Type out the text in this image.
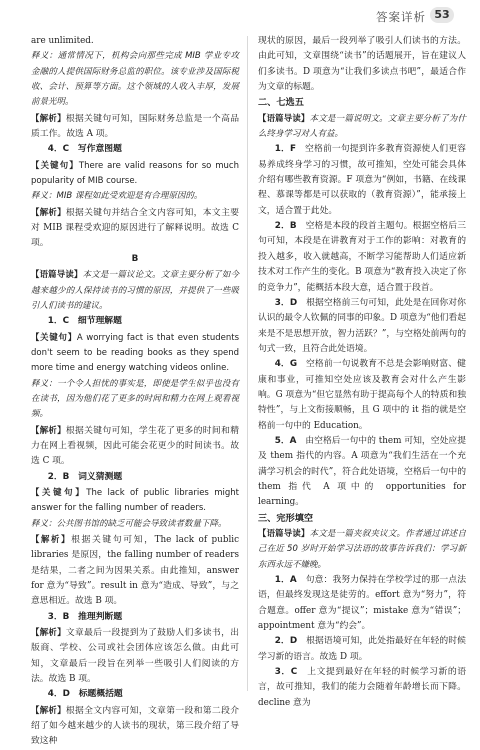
答案详析 53

are unlimited.

释义：通常情况下，机构会向那些完成 MIB 学业专攻金融的人提供国际财务总监的职位。该专业涉及国际税收、会计、预算等方面。这个领域的人收入丰厚，发展前景光明。

【解析】根据关键句可知，国际财务总监是一个高品质工作。故选 A 项。

4．C　写作意图题

【关键句】There are valid reasons for so much popularity of MIB course.

释义：MIB 课程如此受欢迎是有合理原因的。

【解析】根据关键句并结合全文内容可知，本文主要对 MIB 课程受欢迎的原因进行了解释说明。故选 C 项。

B

【语篇导读】本文是一篇议论文。文章主要分析了如今越来越少的人保持读书的习惯的原因，并提供了一些吸引人们读书的建议。

1．C　细节理解题

【关键句】A worrying fact is that even students don't seem to be reading books as they spend more time and energy watching videos online.

释义：一个令人担忧的事实是，即使是学生似乎也没有在读书，因为他们花了更多的时间和精力在网上观看视频。

【解析】根据关键句可知，学生花了更多的时间和精力在网上看视频，因此可能会花更少的时间读书。故选 C 项。

2．B　词义猜测题

【关键句】The lack of public libraries might answer for the falling number of readers.

释义：公共图书馆的缺乏可能会导致读者数量下降。

【解析】根据关键句可知，The lack of public libraries 是原因，the falling number of readers 是结果，二者之间为因果关系。由此推知，answer for 意为“导致”。result in 意为“造成、导致”，与之意思相近。故选 B 项。

3．B　推理判断题

【解析】文章最后一段提到为了鼓励人们多读书，出版商、学校、公司或社会团体应该怎么做。由此可知，文章最后一段旨在列举一些吸引人们阅读的方法。故选 B 项。

4．D　标题概括题

【解析】根据全文内容可知，文章第一段和第二段介绍了如今越来越少的人读书的现状，第三段介绍了导致这种

现状的原因，最后一段列举了吸引人们读书的方法。由此可知，文章围绕“读书”的话题展开，旨在建议人们多读书。D 项意为“让我们多读点书吧”，最适合作为文章的标题。

二、七选五

【语篇导读】本文是一篇说明文。文章主要分析了为什么终身学习对人有益。

1．F　空格前一句提到许多教育资源使人们更容易养成终身学习的习惯，故可推知，空处可能会具体介绍有哪些教育资源。F 项意为“例如，书籍、在线课程、慕课等都是可以获取的（教育资源）”，能承接上文，适合置于此处。

2．B　空格是本段的段首主题句。根据空格后三句可知，本段是在讲教育对于工作的影响：对教育的投入越多，收入就越高，不断学习能帮助人们适应新技术对工作产生的变化。B 项意为“教育投入决定了你的竞争力”，能概括本段大意，适合置于段首。

3．D　根据空格前三句可知，此处是在回你对你认识的最令人钦佩的同事的印象。D 项意为“他们看起来是不是思想开放，智力活跃？”，与空格处前两句的句式一致，且符合此处语境。

4．G　空格前一句说教育不总是会影响财富、健康和事业，可推知空处应该及教育会对什么产生影响。G 项意为“但它显然有助于提高每个人的特质和独特性”，与上文衔接顺畅，且 G 项中的 it 指的就是空格前一句中的 Education。

5．A　由空格后一句中的 them 可知，空处应提及 them 指代的内容。A 项意为“我们生活在一个充满学习机会的时代”，符合此处语境，空格后一句中的 them 指代 A 项中的 opportunities for learning。

三、完形填空

【语篇导读】本文是一篇夹叙夹议文。作者通过讲述自己在近 50 岁时开始学习法语的故事告诉我们：学习新东西永远不嫌晚。

1．A　句意：我努力保持在学校学过的那一点法语，但最终发现这是徒劳的。effort 意为“努力”，符合题意。offer 意为“提议”；mistake 意为“错误”；appointment 意为“约会”。

2．D　根据语境可知，此处指最好在年轻的时候学习新的语言。故选 D 项。

3．C　上文提到最好在年轻的时候学习新的语言，故可推知，我们的能力会随着年龄增长而下降。decline 意为
